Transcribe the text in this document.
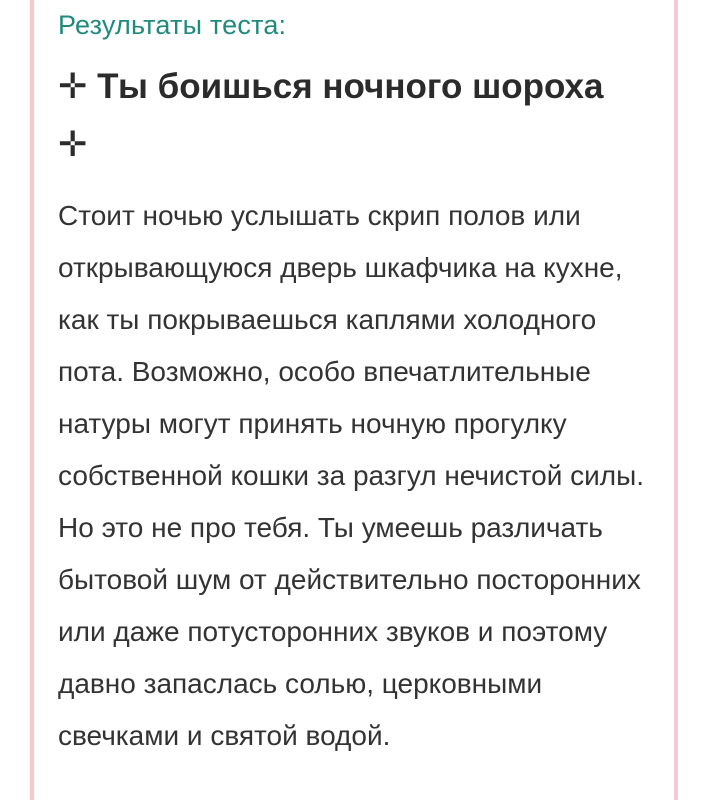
Результаты теста:
✛ Ты боишься ночного шороха ✛

Стоит ночью услышать скрип полов или открывающуюся дверь шкафчика на кухне, как ты покрываешься каплями холодного пота. Возможно, особо впечатлительные натуры могут принять ночную прогулку собственной кошки за разгул нечистой силы. Но это не про тебя. Ты умеешь различать бытовой шум от действительно посторонних или даже потусторонних звуков и поэтому давно запаслась солью, церковными свечками и святой водой.
